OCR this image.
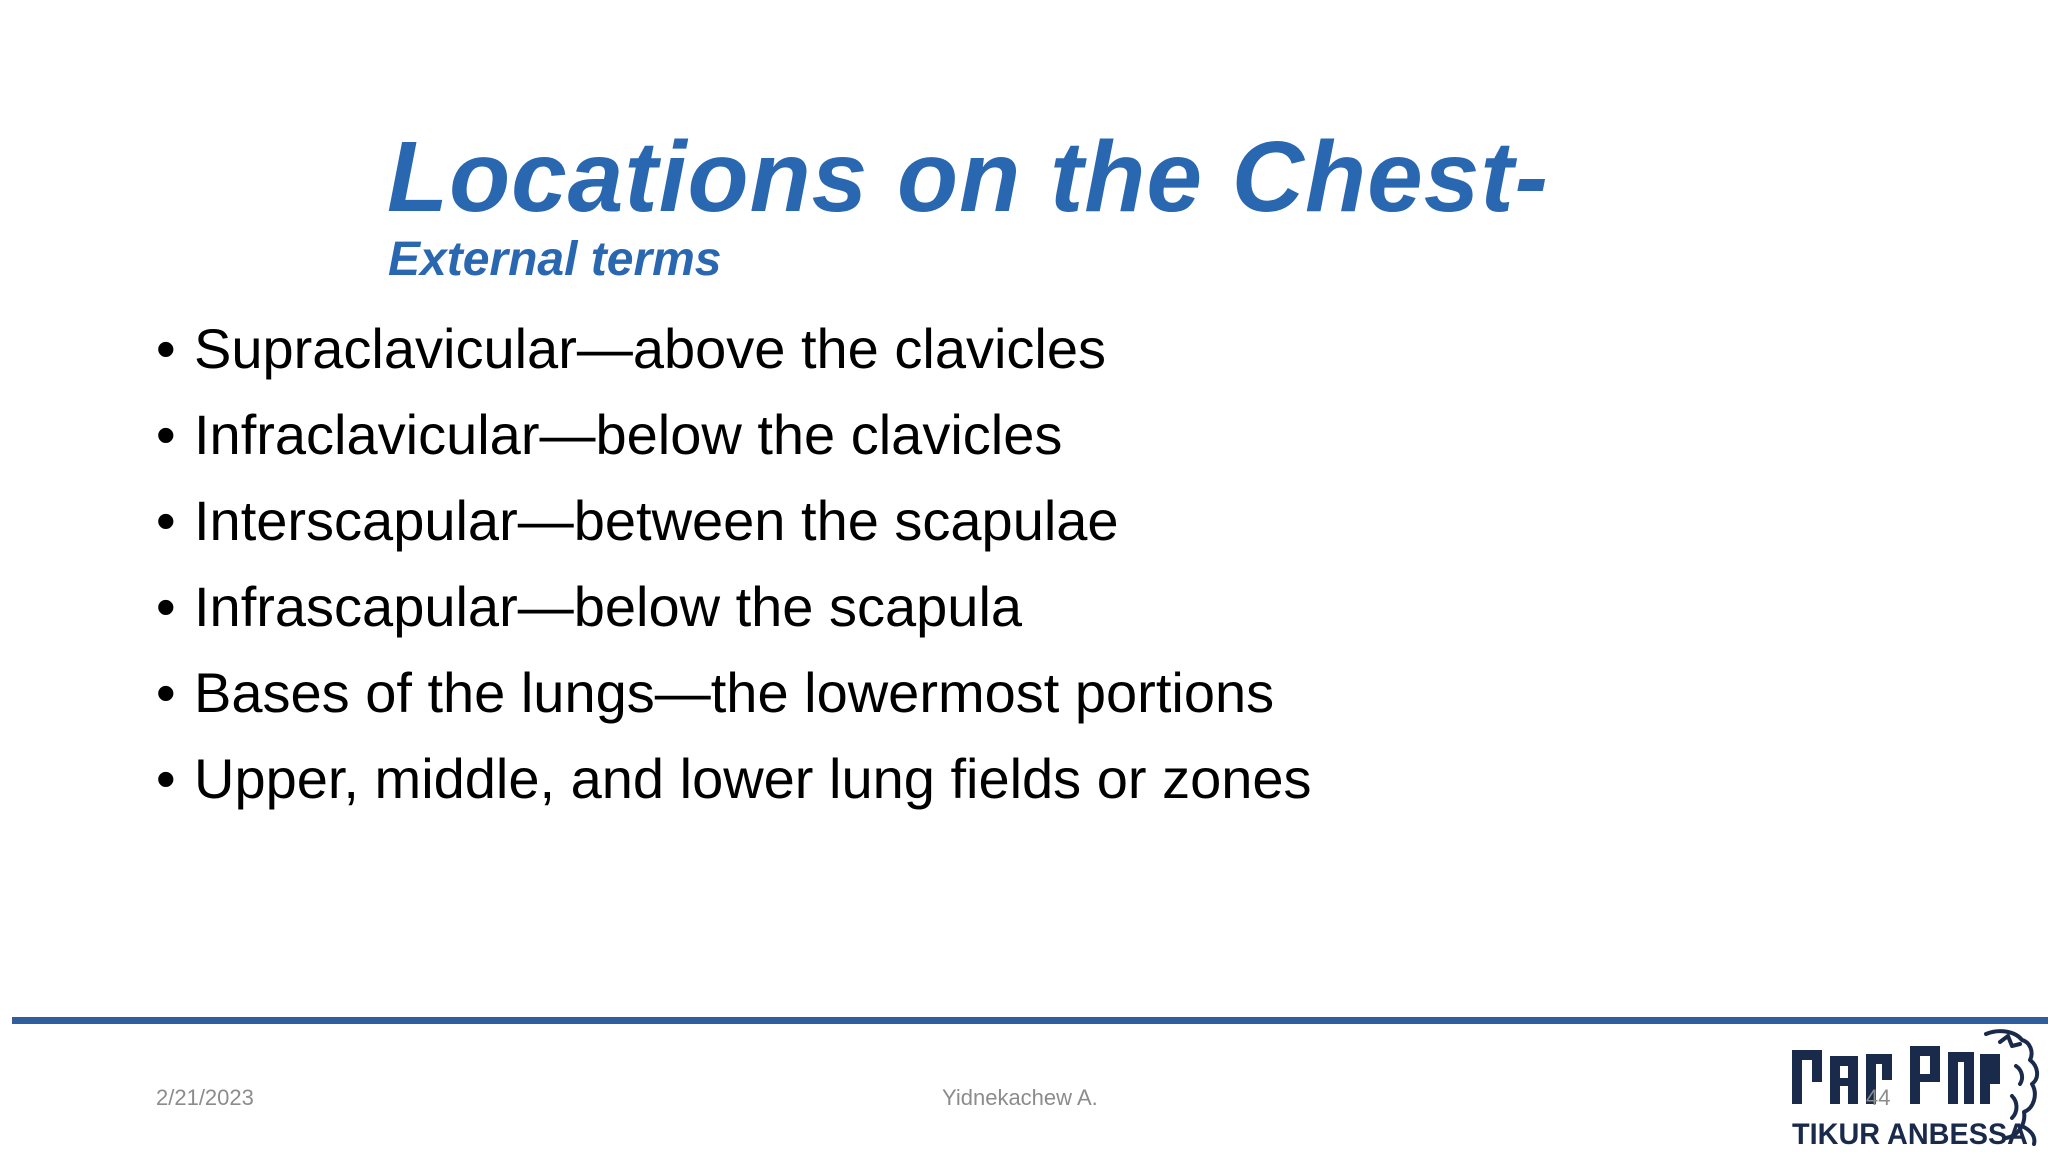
Locations on the Chest-
External terms
• Supraclavicular—above the clavicles
• Infraclavicular—below the clavicles
• Interscapular—between the scapulae
• Infrascapular—below the scapula
• Bases of the lungs—the lowermost portions
• Upper, middle, and lower lung fields or zones
2/21/2023	Yidnekachew A.
TIKUR ANBESSA
44
